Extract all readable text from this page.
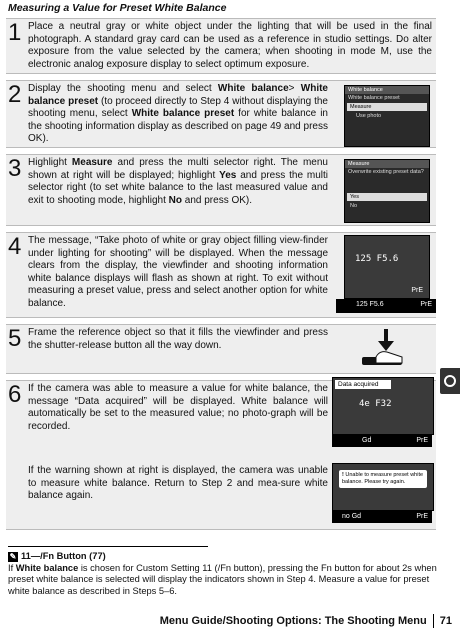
Measuring a Value for Preset White Balance
1 Place a neutral gray or white object under the lighting that will be used in the final photograph. A standard gray card can be used as a reference in studio settings. Do alter exposure from the value selected by the camera; when shooting in mode M, use the electronic analog exposure display to select optimum exposure.
2 Display the shooting menu and select White balance> White balance preset (to proceed directly to Step 4 without displaying the shooting menu, select White balance preset for white balance in the shooting information display as described on page 49 and press OK).
White balance
White balance preset
Measure
Use photo
3 Highlight Measure and press the multi selector right. The menu shown at right will be displayed; highlight Yes and press the multi selector right (to set white balance to the last measured value and exit to shooting mode, highlight No and press OK).
Measure
Overwrite existing preset data?
Yes
No
4 The message, “Take photo of white or gray object filling view-finder under lighting for shooting” will be displayed. When the message clears from the display, the viewfinder and shooting information white balance displays will flash as shown at right. To exit without measuring a preset value, press and select another option for white balance.
125 F5.6
PrE
125 F5.6	PrE
5 Frame the reference object so that it fills the viewfinder and press the shutter-release button all the way down.
6 If the camera was able to measure a value for white balance, the message “Data acquired” will be displayed. White balance will automatically be set to the measured value; no photo-graph will be recorded.
If the warning shown at right is displayed, the camera was unable to measure white balance. Return to Step 2 and mea-sure white balance again.
Data acquired
4e F32
Gd	PrE
! Unable to measure preset white balance. Please try again.
no Gd	PrE
✎ 11—/Fn Button (77)
If White balance is chosen for Custom Setting 11 (/Fn button), pressing the Fn button for about 2s when preset white balance is selected will display the indicators shown in Step 4. Measure a value for preset white balance as described in Steps 5–6.
Menu Guide/Shooting Options: The Shooting Menu 71
